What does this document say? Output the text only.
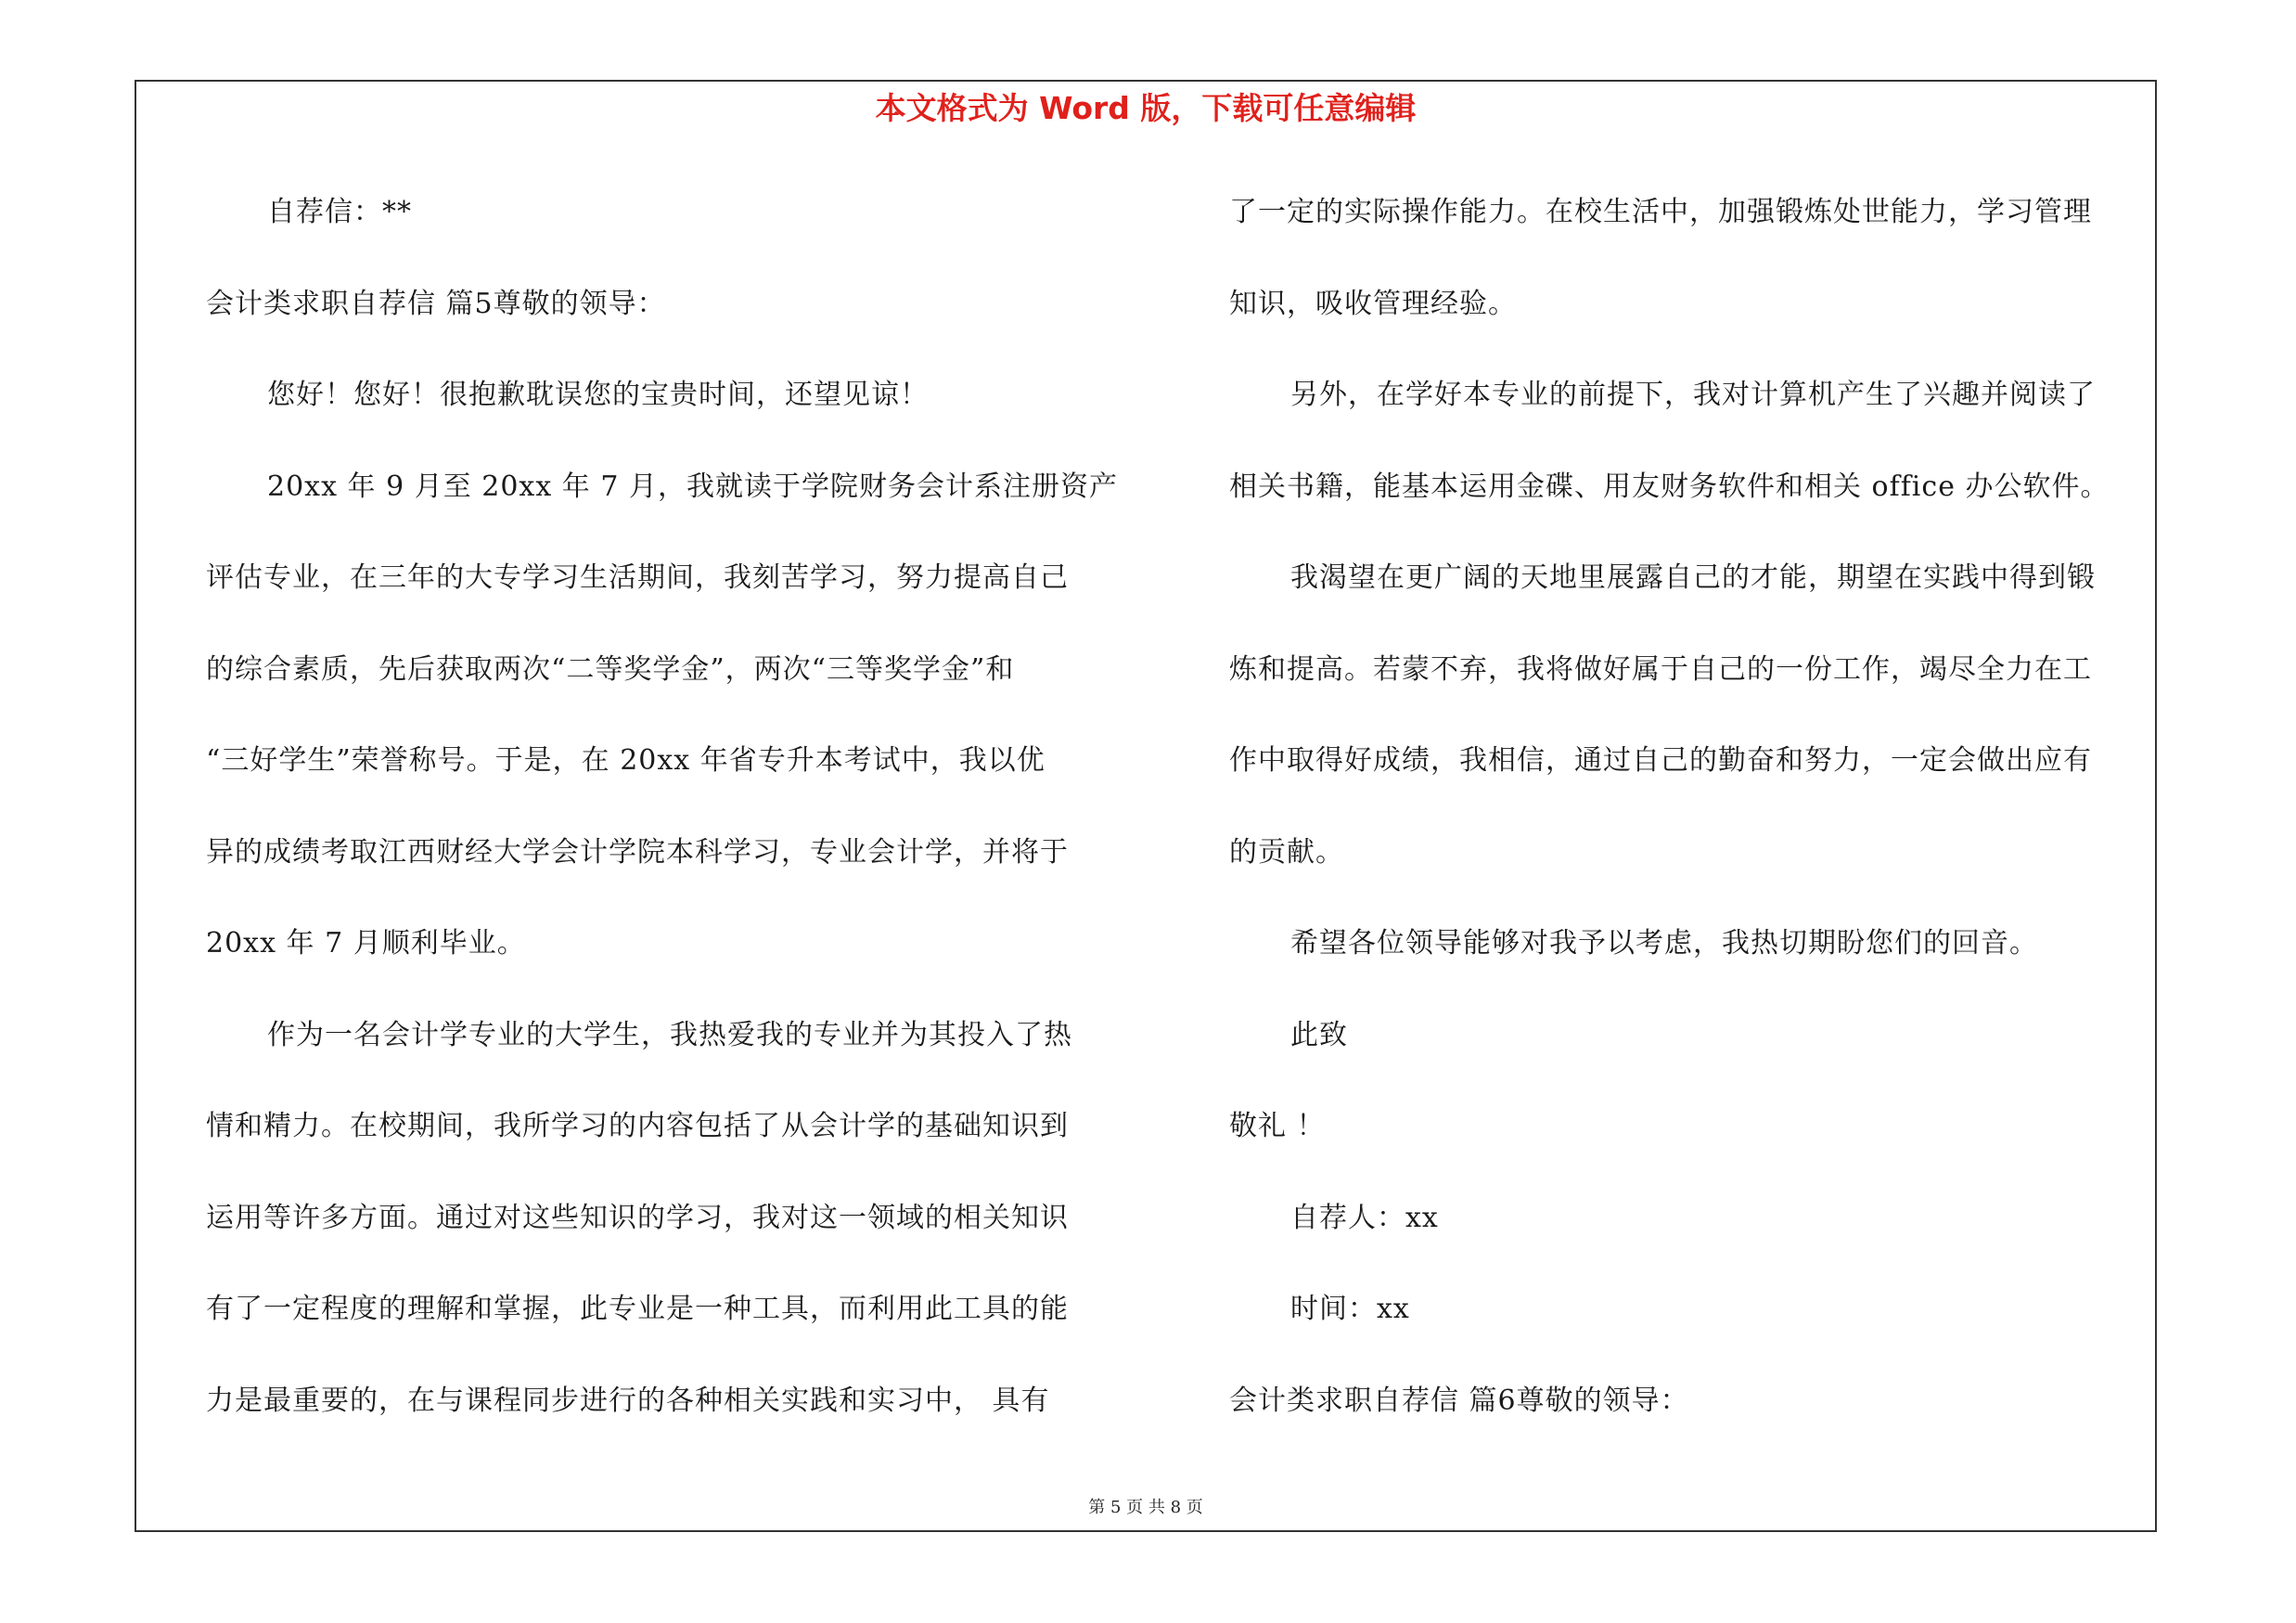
本文格式为 Word 版，下载可任意编辑
自荐信：**
会计类求职自荐信 篇5尊敬的领导：
您好！您好！很抱歉耽误您的宝贵时间，还望见谅！
20xx 年 9 月至 20xx 年 7 月，我就读于学院财务会计系注册资产
评估专业，在三年的大专学习生活期间，我刻苦学习，努力提高自己
的综合素质，先后获取两次“二等奖学金”，两次“三等奖学金”和
“三好学生”荣誉称号。于是，在 20xx 年省专升本考试中，我以优
异的成绩考取江西财经大学会计学院本科学习，专业会计学，并将于
20xx 年 7 月顺利毕业。
作为一名会计学专业的大学生，我热爱我的专业并为其投入了热
情和精力。在校期间，我所学习的内容包括了从会计学的基础知识到
运用等许多方面。通过对这些知识的学习，我对这一领域的相关知识
有了一定程度的理解和掌握，此专业是一种工具，而利用此工具的能
力是最重要的，在与课程同步进行的各种相关实践和实习中， 具有
了一定的实际操作能力。在校生活中，加强锻炼处世能力，学习管理
知识，吸收管理经验。
另外，在学好本专业的前提下，我对计算机产生了兴趣并阅读了
相关书籍，能基本运用金碟、用友财务软件和相关 office 办公软件。
我渴望在更广阔的天地里展露自己的才能，期望在实践中得到锻
炼和提高。若蒙不弃，我将做好属于自己的一份工作，竭尽全力在工
作中取得好成绩，我相信，通过自己的勤奋和努力，一定会做出应有
的贡献。
希望各位领导能够对我予以考虑，我热切期盼您们的回音。
此致
敬礼 ！
自荐人：xx
时间：xx
会计类求职自荐信 篇6尊敬的领导：
第 5 页 共 8 页
